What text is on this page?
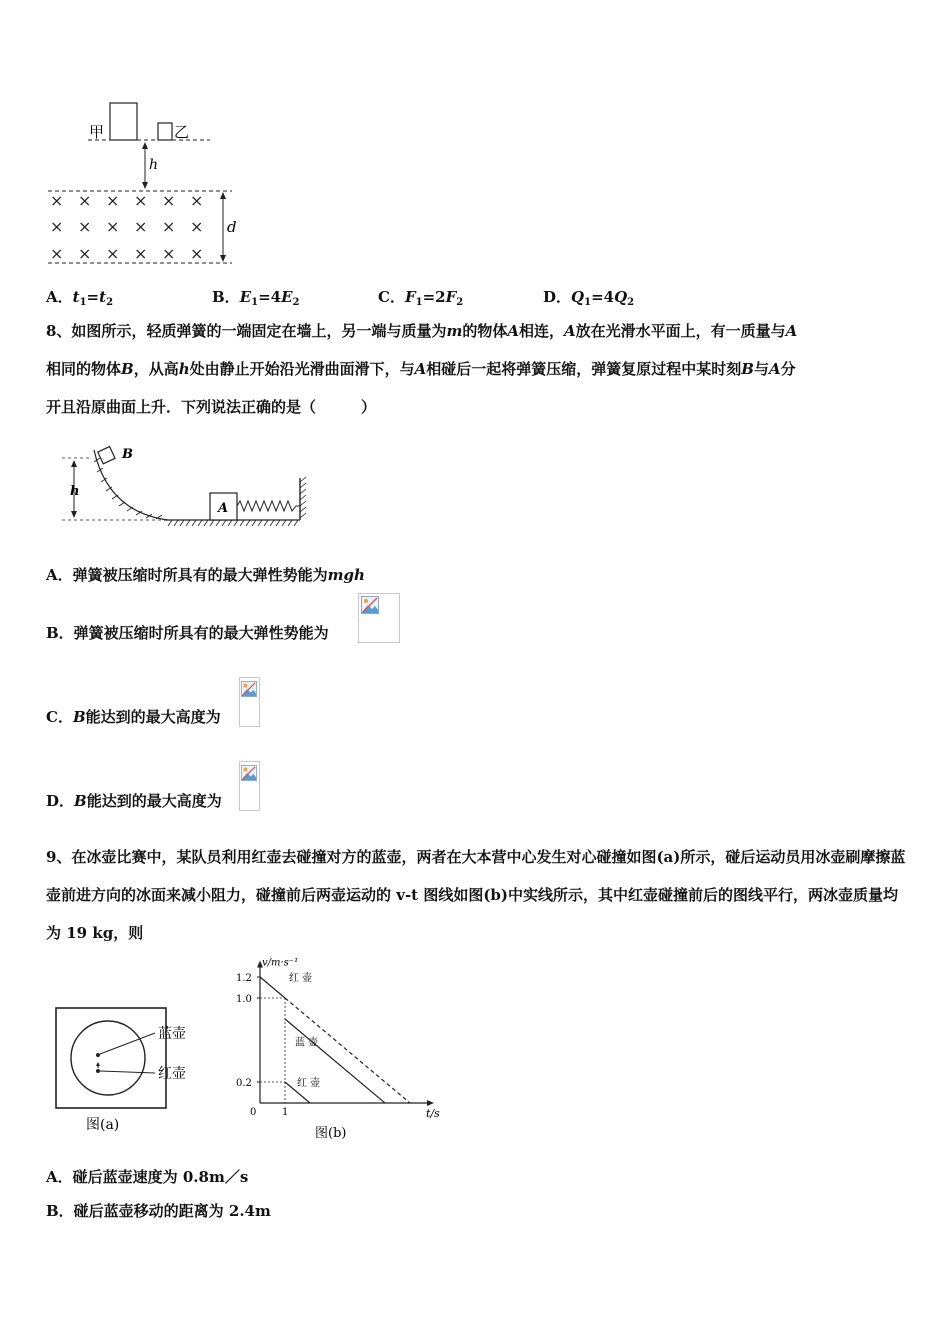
甲	乙
h
× × × × × ×
× × × × × ×
× × × × × ×
d
A．$t_1=t_2$	B．$E_1=4E_2$	C．$F_1=2F_2$	D．$Q_1=4Q_2$
8、如图所示，轻质弹簧的一端固定在墙上，另一端与质量为m的物体A相连，A放在光滑水平面上，有一质量与A
相同的物体B，从高h处由静止开始沿光滑曲面滑下，与A相碰后一起将弹簧压缩，弹簧复原过程中某时刻B与A分
开且沿原曲面上升．下列说法正确的是（　　　）
B
h
A
A．弹簧被压缩时所具有的最大弹性势能为mgh
B．弹簧被压缩时所具有的最大弹性势能为
C．B能达到的最大高度为
D．B能达到的最大高度为
9、在冰壶比赛中，某队员利用红壶去碰撞对方的蓝壶，两者在大本营中心发生对心碰撞如图(a)所示，碰后运动员用冰壶刷摩擦蓝壶前进方向的冰面来减小阻力，碰撞前后两壶运动的 v-t 图线如图(b)中实线所示，其中红壶碰撞前后的图线平行，两冰壶质量均为 19 kg，则
蓝壶
红壶
图(a)
v/m·s⁻¹
t/s
1.2
1.0
0.2
0	1
红 壶
蓝 壶
红 壶
图(b)
A．碰后蓝壶速度为 0.8m／s
B．碰后蓝壶移动的距离为 2.4m
